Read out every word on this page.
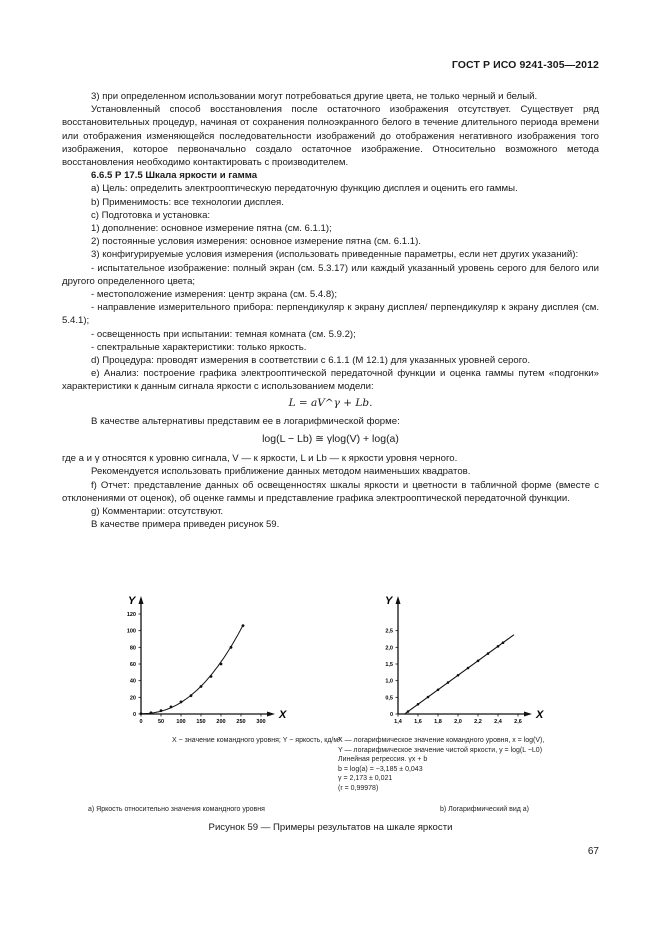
ГОСТ Р ИСО 9241-305—2012

3) при определенном использовании могут потребоваться другие цвета, не только черный и белый.

Установленный способ восстановления после остаточного изображения отсутствует. Существует ряд восстановительных процедур, начиная от сохранения полноэкранного белого в течение длительного периода времени или отображения изменяющейся последовательности изображений до отображения негативного изображения того изображения, которое первоначально создало остаточное изображение. Относительно возможного метода восстановления необходимо контактировать с производителем.

6.6.5 Р 17.5 Шкала яркости и гамма

a) Цель: определить электрооптическую передаточную функцию дисплея и оценить его гаммы.

b) Применимость: все технологии дисплея.

c) Подготовка и установка:

1) дополнение: основное измерение пятна (см. 6.1.1);

2) постоянные условия измерения: основное измерение пятна (см. 6.1.1).

3) конфигурируемые условия измерения (использовать приведенные параметры, если нет других указаний):

- испытательное изображение: полный экран (см. 5.3.17) или каждый указанный уровень серого для белого или другого определенного цвета;

- местоположение измерения: центр экрана (см. 5.4.8);

- направление измерительного прибора: перпендикуляр к экрану дисплея/ перпендикуляр к экрану дисплея (см. 5.4.1);

- освещенность при испытании: темная комната (см. 5.9.2);

- спектральные характеристики: только яркость.

d) Процедура: проводят измерения в соответствии с 6.1.1 (М 12.1) для указанных уровней серого.

e) Анализ: построение графика электрооптической передаточной функции и оценка гаммы путем «подгонки» характеристики к данным сигнала яркости с использованием модели:

L = aV^γ + Lb.

В качестве альтернативы представим ее в логарифмической форме:

log(L − Lb) ≅ γlog(V) + log(a)

где a и γ относятся к уровню сигнала, V — к яркости, L и Lb — к яркости уровня черного.

Рекомендуется использовать приближение данных методом наименьших квадратов.

f) Отчет: представление данных об освещенностях шкалы яркости и цветности в табличной форме (вместе с отклонениями от оценок), об оценке гаммы и представление графика электрооптической передаточной функции.

g) Комментарии: отсутствуют.

В качестве примера приведен рисунок 59.

X
Y
0	50 100 150 200 250 300
0
20
40
60
80
100
120
X − значение командного уровня; Y − яркость, кд/м²
а) Яркость относительно значения командного уровня
X
Y
1,4 1,6 1,8 2,0 2,2 2,4 2,6
0
0,5
1,0
1,5
2,0
2,5
X — логарифмическое значение командного уровня, x = log(V),
Y — логарифмическое значение чистой яркости, y = log(L −L0)
Линейная регрессия. γx + b
b = log(a) = −3,185 ± 0,043
γ = 2,173 ± 0,021
(r = 0,99978)
b) Логарифмический вид a)
Рисунок 59 — Примеры результатов на шкале яркости
67
